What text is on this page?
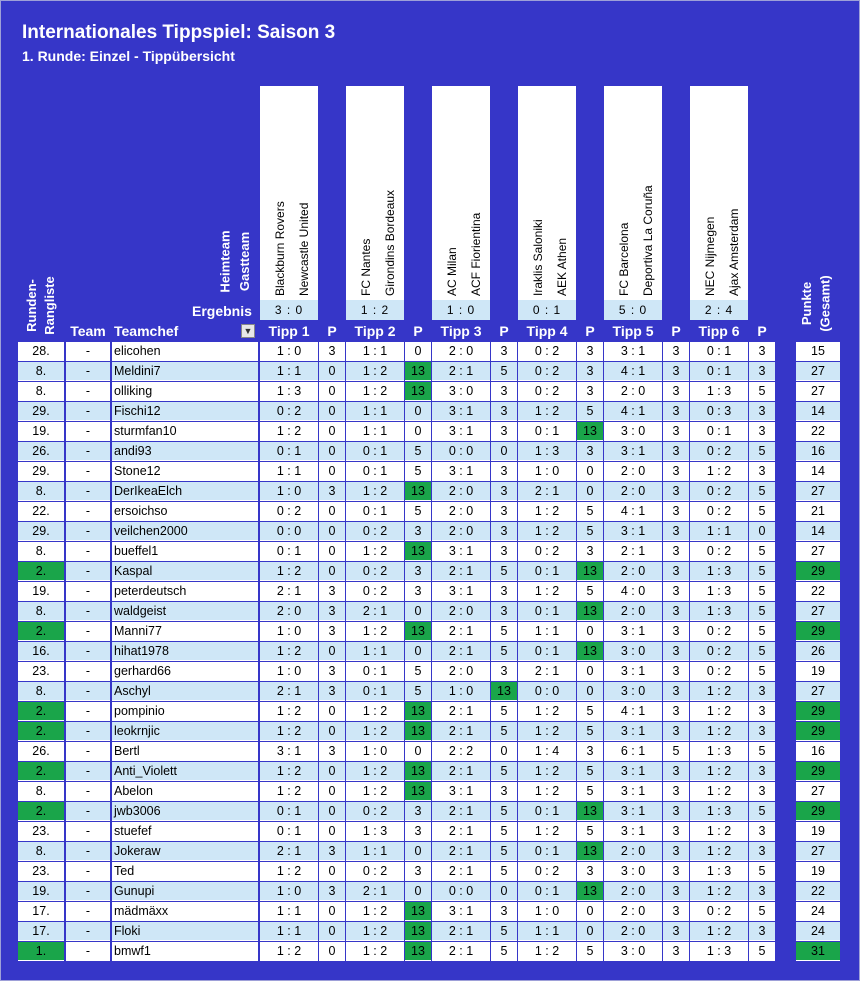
Internationales Tippspiel: Saison 3
1. Runde: Einzel - Tippübersicht
Heimteam Gastteam
Ergebnis
Runden- Rangliste	Punkte (Gesamt)
Blackburn Rovers Newcastle United
3 : 0
FC Nantes Girondins Bordeaux
1 : 2
AC Milan ACF Fiorientina
1 : 0
Iraklis Saloniki AEK Athen
0 : 1
FC Barcelona Deportiva La Coruña
5 : 0
NEC Nijmegen Ajax Amsterdam
2 : 4
Team Teamchef	▼	Tipp 1	P	Tipp 2	P	Tipp 3	P	Tipp 4	P	Tipp 5	P	Tipp 6	P
28.	-	elicohen	1 : 0	3	1 : 1	0	2 : 0	3	0 : 2	3	3 : 1	3	0 : 1	3	15
8.	-	Meldini7	1 : 1	0	1 : 2	13	2 : 1	5	0 : 2	3	4 : 1	3	0 : 1	3	27
8.	-	olliking	1 : 3	0	1 : 2	13	3 : 0	3	0 : 2	3	2 : 0	3	1 : 3	5	27
29.	-	Fischi12	0 : 2	0	1 : 1	0	3 : 1	3	1 : 2	5	4 : 1	3	0 : 3	3	14
19.	-	sturmfan10	1 : 2	0	1 : 1	0	3 : 1	3	0 : 1	13	3 : 0	3	0 : 1	3	22
26.	-	andi93	0 : 1	0	0 : 1	5	0 : 0	0	1 : 3	3	3 : 1	3	0 : 2	5	16
29.	-	Stone12	1 : 1	0	0 : 1	5	3 : 1	3	1 : 0	0	2 : 0	3	1 : 2	3	14
8.	-	DerIkeaElch	1 : 0	3	1 : 2	13	2 : 0	3	2 : 1	0	2 : 0	3	0 : 2	5	27
22.	-	ersoichso	0 : 2	0	0 : 1	5	2 : 0	3	1 : 2	5	4 : 1	3	0 : 2	5	21
29.	-	veilchen2000	0 : 0	0	0 : 2	3	2 : 0	3	1 : 2	5	3 : 1	3	1 : 1	0	14
8.	-	bueffel1	0 : 1	0	1 : 2	13	3 : 1	3	0 : 2	3	2 : 1	3	0 : 2	5	27
2.	-	Kaspal	1 : 2	0	0 : 2	3	2 : 1	5	0 : 1	13	2 : 0	3	1 : 3	5	29
19.	-	peterdeutsch	2 : 1	3	0 : 2	3	3 : 1	3	1 : 2	5	4 : 0	3	1 : 3	5	22
8.	-	waldgeist	2 : 0	3	2 : 1	0	2 : 0	3	0 : 1	13	2 : 0	3	1 : 3	5	27
2.	-	Manni77	1 : 0	3	1 : 2	13	2 : 1	5	1 : 1	0	3 : 1	3	0 : 2	5	29
16.	-	hihat1978	1 : 2	0	1 : 1	0	2 : 1	5	0 : 1	13	3 : 0	3	0 : 2	5	26
23.	-	gerhard66	1 : 0	3	0 : 1	5	2 : 0	3	2 : 1	0	3 : 1	3	0 : 2	5	19
8.	-	Aschyl	2 : 1	3	0 : 1	5	1 : 0	13	0 : 0	0	3 : 0	3	1 : 2	3	27
2.	-	pompinio	1 : 2	0	1 : 2	13	2 : 1	5	1 : 2	5	4 : 1	3	1 : 2	3	29
2.	-	leokrnjic	1 : 2	0	1 : 2	13	2 : 1	5	1 : 2	5	3 : 1	3	1 : 2	3	29
26.	-	Bertl	3 : 1	3	1 : 0	0	2 : 2	0	1 : 4	3	6 : 1	5	1 : 3	5	16
2.	-	Anti_Violett	1 : 2	0	1 : 2	13	2 : 1	5	1 : 2	5	3 : 1	3	1 : 2	3	29
8.	-	Abelon	1 : 2	0	1 : 2	13	3 : 1	3	1 : 2	5	3 : 1	3	1 : 2	3	27
2.	-	jwb3006	0 : 1	0	0 : 2	3	2 : 1	5	0 : 1	13	3 : 1	3	1 : 3	5	29
23.	-	stuefef	0 : 1	0	1 : 3	3	2 : 1	5	1 : 2	5	3 : 1	3	1 : 2	3	19
8.	-	Jokeraw	2 : 1	3	1 : 1	0	2 : 1	5	0 : 1	13	2 : 0	3	1 : 2	3	27
23.	-	Ted	1 : 2	0	0 : 2	3	2 : 1	5	0 : 2	3	3 : 0	3	1 : 3	5	19
19.	-	Gunupi	1 : 0	3	2 : 1	0	0 : 0	0	0 : 1	13	2 : 0	3	1 : 2	3	22
17.	-	mädmäxx	1 : 1	0	1 : 2	13	3 : 1	3	1 : 0	0	2 : 0	3	0 : 2	5	24
17.	-	Floki	1 : 1	0	1 : 2	13	2 : 1	5	1 : 1	0	2 : 0	3	1 : 2	3	24
1.	-	bmwf1	1 : 2	0	1 : 2	13	2 : 1	5	1 : 2	5	3 : 0	3	1 : 3	5	31
